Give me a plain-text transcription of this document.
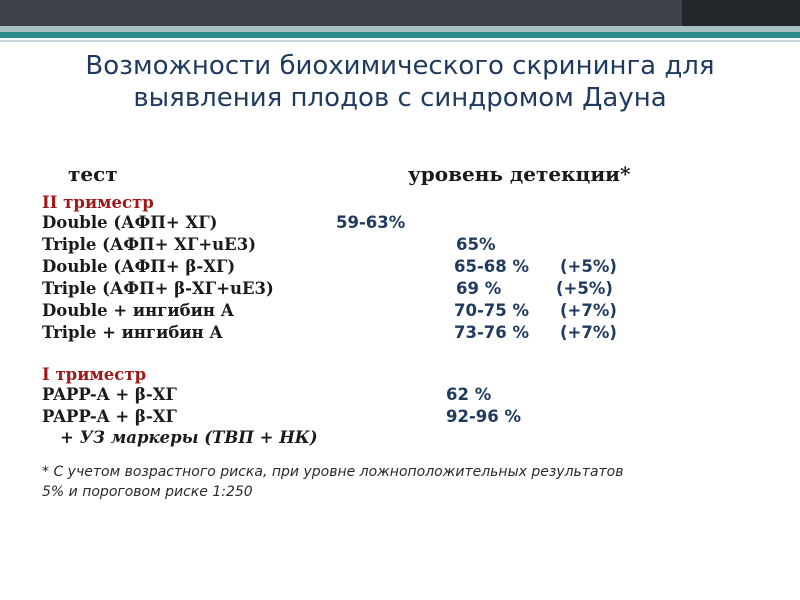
Возможности биохимического скрининга для
выявления плодов с синдромом Дауна
тест	уровень детекции*
II триместр
Double (АФП+ ХГ)	59-63%
Triple (АФП+ ХГ+uE3)	65%
Double (АФП+ β-ХГ)	65-68 % (+5%)
Triple (АФП+ β-ХГ+uE3)	69 %	(+5%)
Double + ингибин А	70-75 % (+7%)
Triple + ингибин А	73-76 % (+7%)
I триместр
PAPP-A + β-ХГ	62 %
PAPP-A + β-ХГ	92-96 %
+ УЗ маркеры (ТВП + НК)
* С учетом возрастного риска, при уровне ложноположительных результатов
5% и пороговом риске 1:250
